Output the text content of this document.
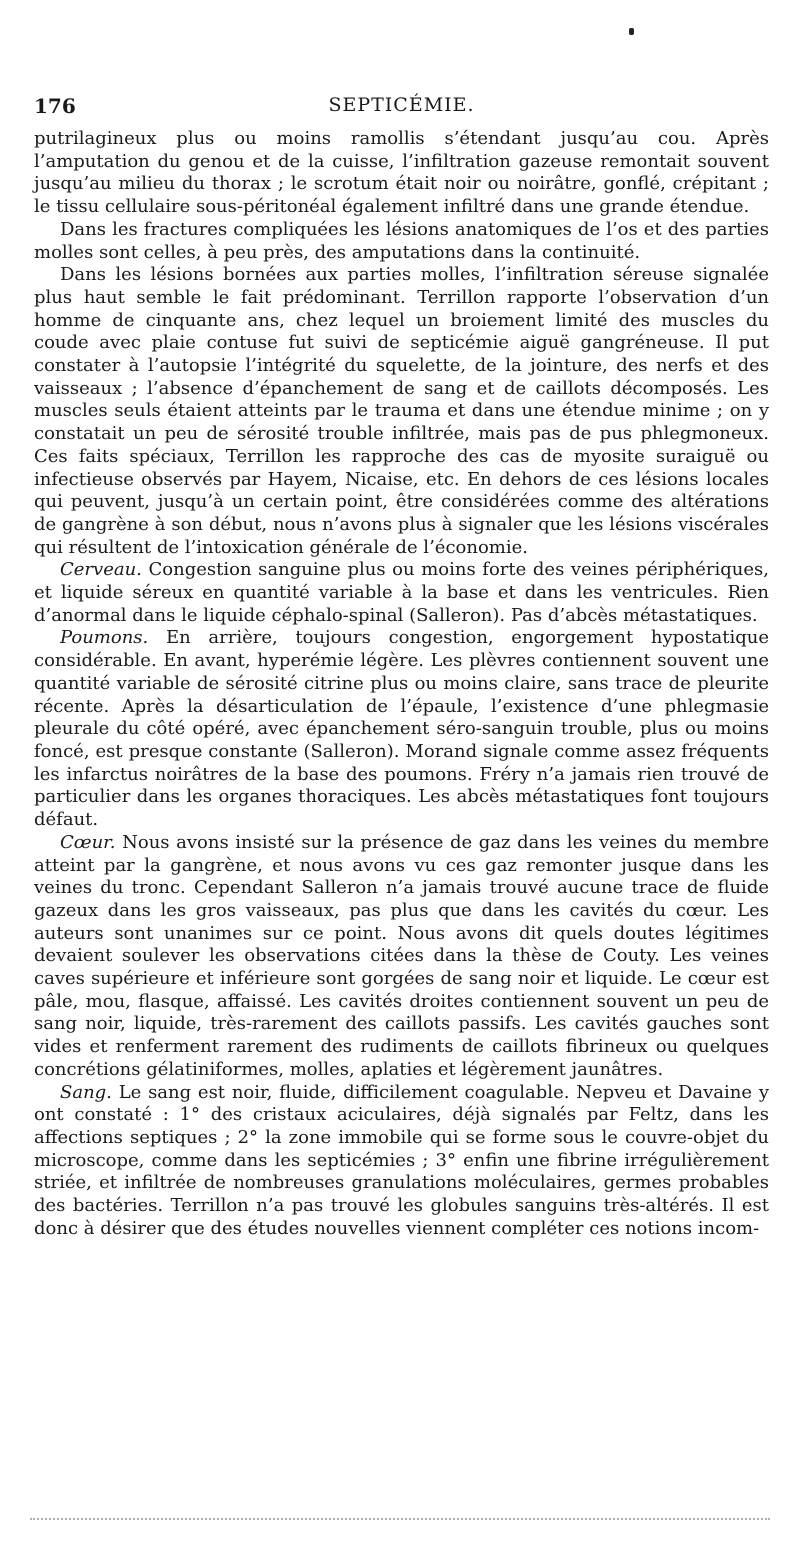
176	SEPTICÉMIE.

putrilagineux plus ou moins ramollis s’étendant jusqu’au cou. Après l’amputation du genou et de la cuisse, l’infiltration gazeuse remontait souvent jusqu’au milieu du thorax ; le scrotum était noir ou noirâtre, gonflé, crépitant ; le tissu cellulaire sous-péritonéal également infiltré dans une grande étendue.

Dans les fractures compliquées les lésions anatomiques de l’os et des parties molles sont celles, à peu près, des amputations dans la continuité.

Dans les lésions bornées aux parties molles, l’infiltration séreuse signalée plus haut semble le fait prédominant. Terrillon rapporte l’observation d’un homme de cinquante ans, chez lequel un broiement limité des muscles du coude avec plaie contuse fut suivi de septicémie aiguë gangréneuse. Il put constater à l’autopsie l’intégrité du squelette, de la jointure, des nerfs et des vaisseaux ; l’absence d’épanchement de sang et de caillots décomposés. Les muscles seuls étaient atteints par le trauma et dans une étendue minime ; on y constatait un peu de sérosité trouble infiltrée, mais pas de pus phlegmoneux. Ces faits spéciaux, Terrillon les rapproche des cas de myosite suraiguë ou infectieuse observés par Hayem, Nicaise, etc. En dehors de ces lésions locales qui peuvent, jusqu’à un certain point, être considérées comme des altérations de gangrène à son début, nous n’avons plus à signaler que les lésions viscérales qui résultent de l’intoxication générale de l’économie.

Cerveau. Congestion sanguine plus ou moins forte des veines périphériques, et liquide séreux en quantité variable à la base et dans les ventricules. Rien d’anormal dans le liquide céphalo-spinal (Salleron). Pas d’abcès métastatiques.

Poumons. En arrière, toujours congestion, engorgement hypostatique considérable. En avant, hyperémie légère. Les plèvres contiennent souvent une quantité variable de sérosité citrine plus ou moins claire, sans trace de pleurite récente. Après la désarticulation de l’épaule, l’existence d’une phlegmasie pleurale du côté opéré, avec épanchement séro-sanguin trouble, plus ou moins foncé, est presque constante (Salleron). Morand signale comme assez fréquents les infarctus noirâtres de la base des poumons. Fréry n’a jamais rien trouvé de particulier dans les organes thoraciques. Les abcès métastatiques font toujours défaut.

Cœur. Nous avons insisté sur la présence de gaz dans les veines du membre atteint par la gangrène, et nous avons vu ces gaz remonter jusque dans les veines du tronc. Cependant Salleron n’a jamais trouvé aucune trace de fluide gazeux dans les gros vaisseaux, pas plus que dans les cavités du cœur. Les auteurs sont unanimes sur ce point. Nous avons dit quels doutes légitimes devaient soulever les observations citées dans la thèse de Couty. Les veines caves supérieure et inférieure sont gorgées de sang noir et liquide. Le cœur est pâle, mou, flasque, affaissé. Les cavités droites contiennent souvent un peu de sang noir, liquide, très-rarement des caillots passifs. Les cavités gauches sont vides et renferment rarement des rudiments de caillots fibrineux ou quelques concrétions gélatiniformes, molles, aplaties et légèrement jaunâtres.

Sang. Le sang est noir, fluide, difficilement coagulable. Nepveu et Davaine y ont constaté : 1° des cristaux aciculaires, déjà signalés par Feltz, dans les affections septiques ; 2° la zone immobile qui se forme sous le couvre-objet du microscope, comme dans les septicémies ; 3° enfin une fibrine irrégulièrement striée, et infiltrée de nombreuses granulations moléculaires, germes probables des bactéries. Terrillon n’a pas trouvé les globules sanguins très-altérés. Il est donc à désirer que des études nouvelles viennent compléter ces notions incom-
